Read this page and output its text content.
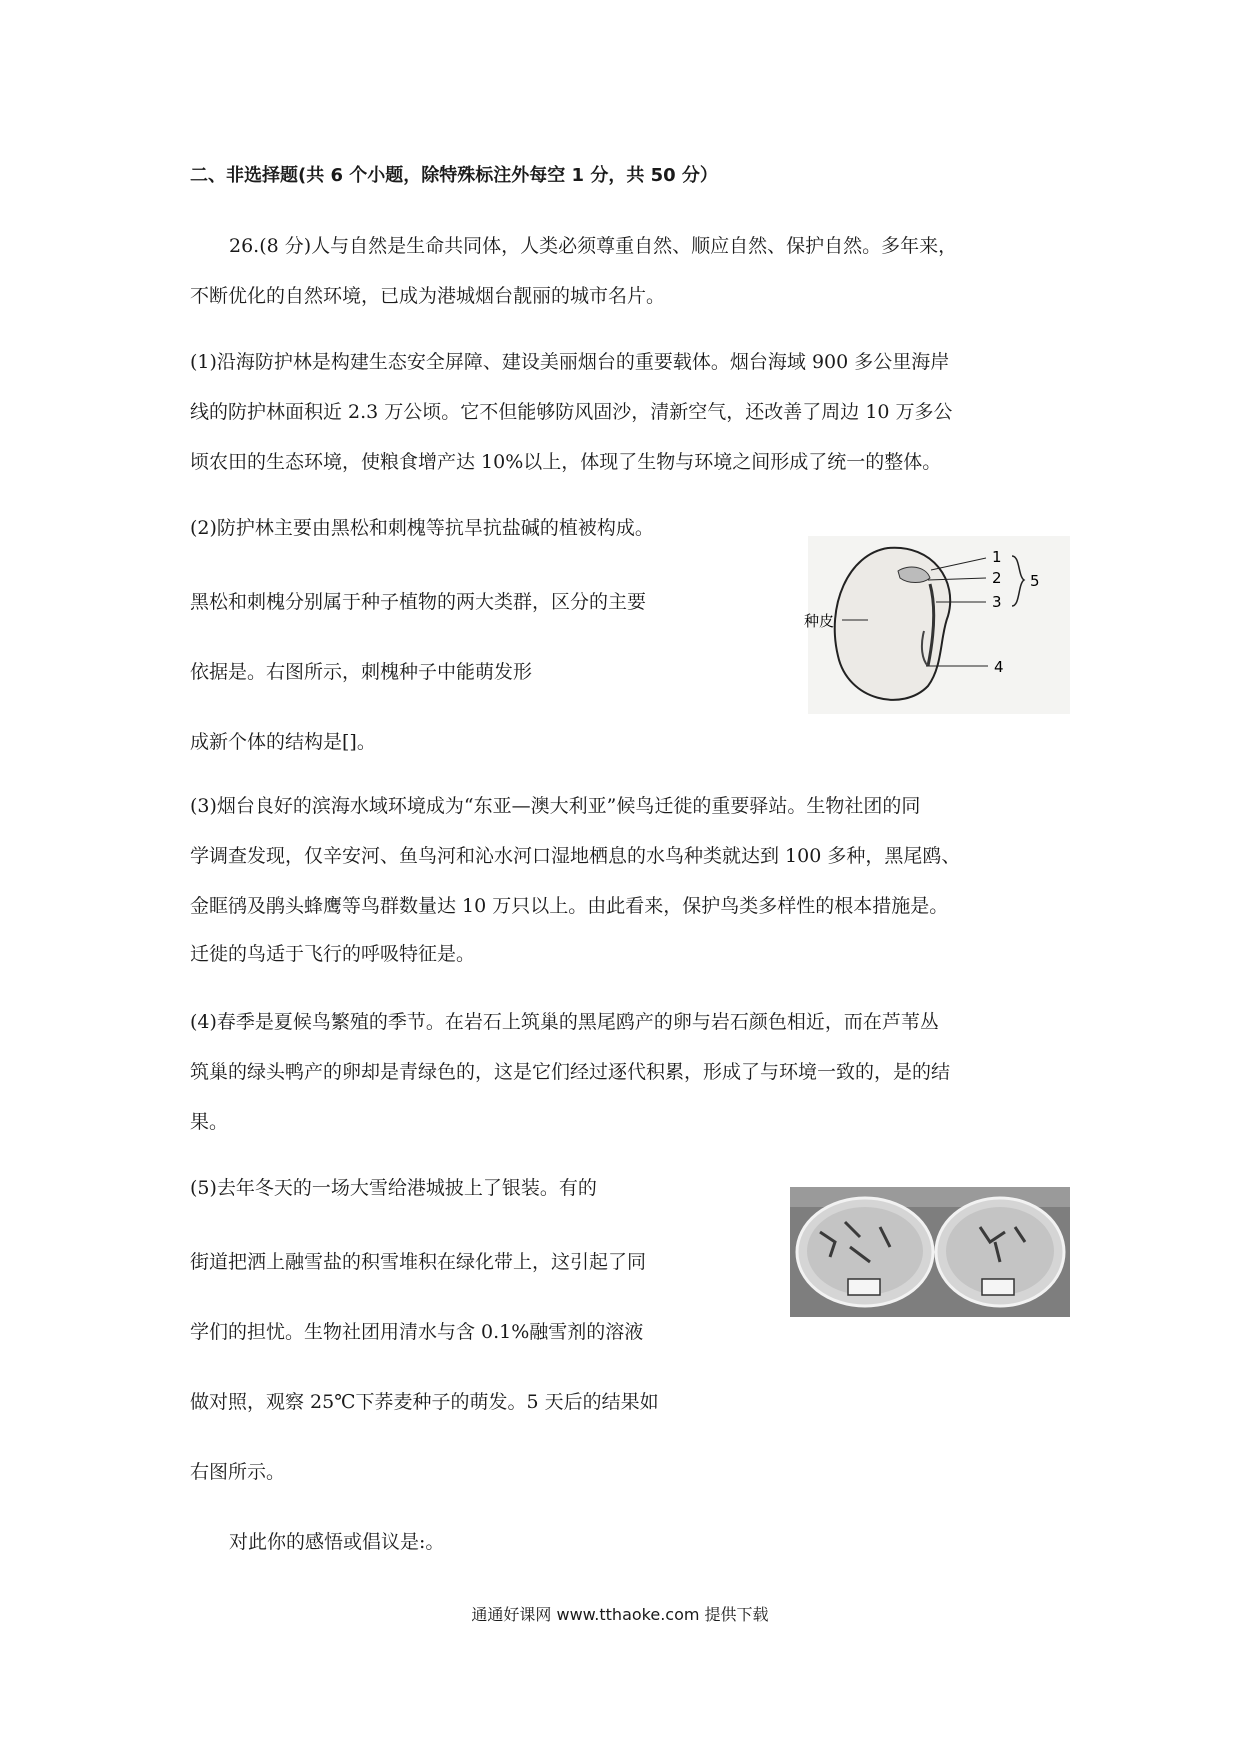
二、非选择题(共 6 个小题，除特殊标注外每空 1 分，共 50 分）
26.(8 分)人与自然是生命共同体，人类必须尊重自然、顺应自然、保护自然。多年来，
不断优化的自然环境，已成为港城烟台靓丽的城市名片。
(1)沿海防护林是构建生态安全屏障、建设美丽烟台的重要载体。烟台海域 900 多公里海岸
线的防护林面积近 2.3 万公顷。它不但能够防风固沙，清新空气，还改善了周边 10 万多公
顷农田的生态环境，使粮食增产达 10%以上，体现了生物与环境之间形成了统一的整体。
(2)防护林主要由黑松和刺槐等抗旱抗盐碱的植被构成。
黑松和刺槐分别属于种子植物的两大类群，区分的主要
依据是。右图所示，刺槐种子中能萌发形
成新个体的结构是[]。
种皮
1
2
3
4
5
(3)烟台良好的滨海水域环境成为“东亚—澳大利亚”候鸟迁徙的重要驿站。生物社团的同
学调查发现，仅辛安河、鱼鸟河和沁水河口湿地栖息的水鸟种类就达到 100 多种，黑尾鸥、
金眶鸻及鹃头蜂鹰等鸟群数量达 10 万只以上。由此看来，保护鸟类多样性的根本措施是。
迁徙的鸟适于飞行的呼吸特征是。
(4)春季是夏候鸟繁殖的季节。在岩石上筑巢的黑尾鸥产的卵与岩石颜色相近，而在芦苇丛
筑巢的绿头鸭产的卵却是青绿色的，这是它们经过逐代积累，形成了与环境一致的，是的结
果。
(5)去年冬天的一场大雪给港城披上了银装。有的
街道把洒上融雪盐的积雪堆积在绿化带上，这引起了同
学们的担忧。生物社团用清水与含 0.1%融雪剂的溶液
做对照，观察 25℃下荞麦种子的萌发。5 天后的结果如
右图所示。
对此你的感悟或倡议是:。
通通好课网 www.tthaoke.com 提供下载
